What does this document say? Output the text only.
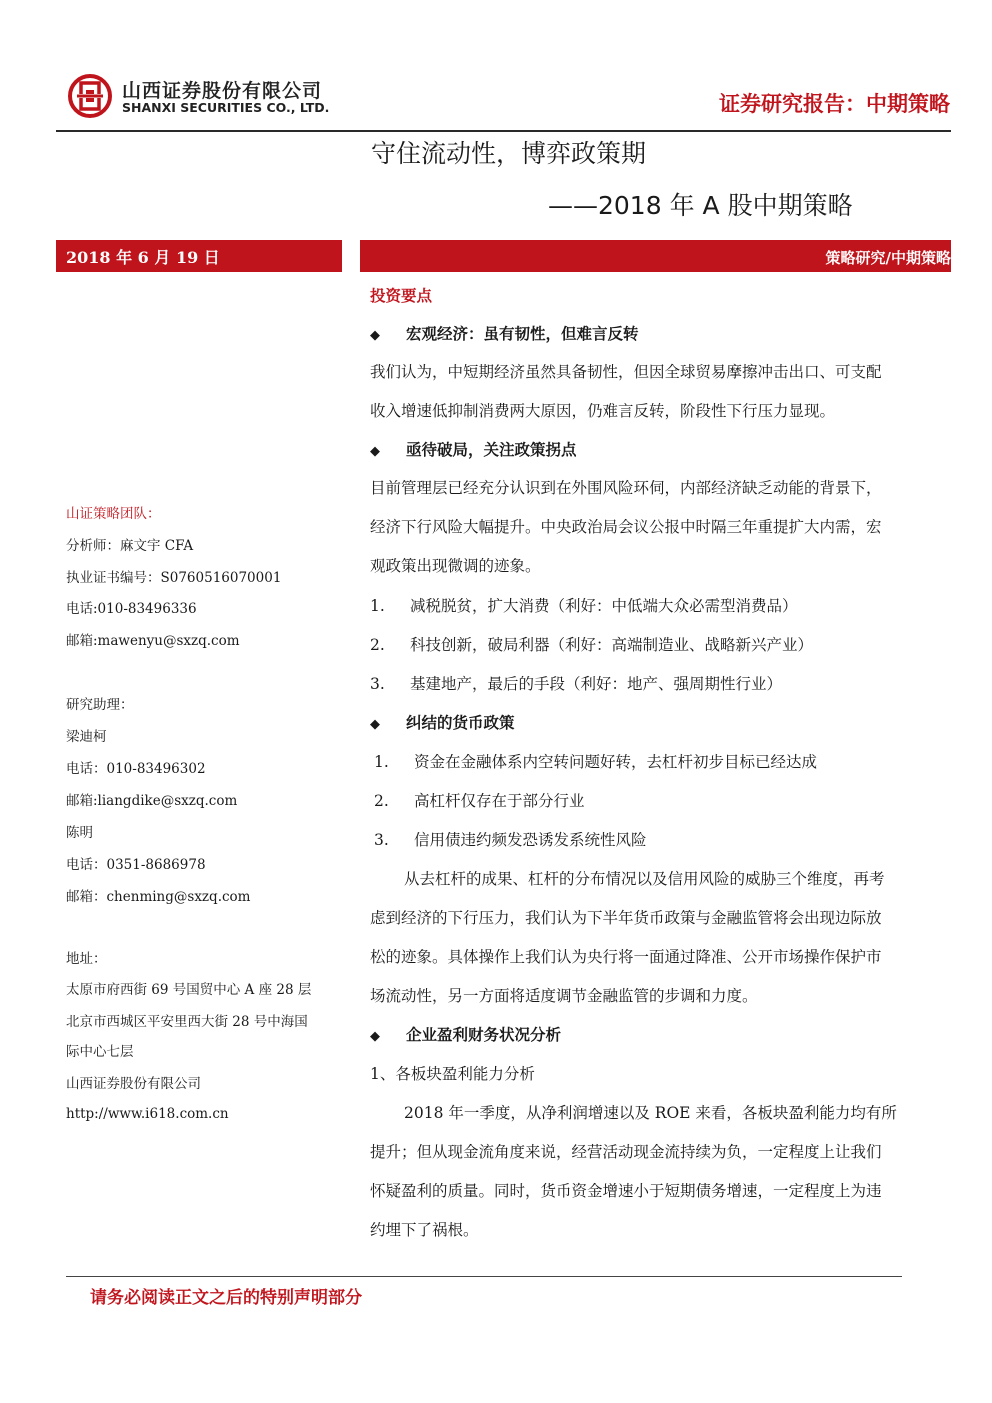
山西证券股份有限公司
SHANXI SECURITIES CO., LTD.	证券研究报告：中期策略
守住流动性，博弈政策期
——2018 年 A 股中期策略
2018 年 6 月 19 日	策略研究/中期策略
山证策略团队：
分析师：麻文宇 CFA
执业证书编号：S0760516070001
电话:010-83496336
邮箱:mawenyu@sxzq.com
研究助理：
梁迪柯
电话：010-83496302
邮箱:liangdike@sxzq.com
陈明
电话：0351-8686978
邮箱：chenming@sxzq.com
地址：
太原市府西街 69 号国贸中心 A 座 28 层
北京市西城区平安里西大街 28 号中海国
际中心七层
山西证券股份有限公司
http://www.i618.com.cn
投资要点
◆ 宏观经济：虽有韧性，但难言反转
我们认为，中短期经济虽然具备韧性，但因全球贸易摩擦冲击出口、可支配
收入增速低抑制消费两大原因，仍难言反转，阶段性下行压力显现。
◆ 亟待破局，关注政策拐点
目前管理层已经充分认识到在外围风险环伺，内部经济缺乏动能的背景下，
经济下行风险大幅提升。中央政治局会议公报中时隔三年重提扩大内需，宏
观政策出现微调的迹象。
1. 减税脱贫，扩大消费（利好：中低端大众必需型消费品）
2. 科技创新，破局利器（利好：高端制造业、战略新兴产业）
3. 基建地产，最后的手段（利好：地产、强周期性行业）
◆ 纠结的货币政策
1. 资金在金融体系内空转问题好转，去杠杆初步目标已经达成
2. 高杠杆仅存在于部分行业
3. 信用债违约频发恐诱发系统性风险
从去杠杆的成果、杠杆的分布情况以及信用风险的威胁三个维度，再考
虑到经济的下行压力，我们认为下半年货币政策与金融监管将会出现边际放
松的迹象。具体操作上我们认为央行将一面通过降准、公开市场操作保护市
场流动性，另一方面将适度调节金融监管的步调和力度。
◆ 企业盈利财务状况分析
1、各板块盈利能力分析
2018 年一季度，从净利润增速以及 ROE 来看，各板块盈利能力均有所
提升；但从现金流角度来说，经营活动现金流持续为负，一定程度上让我们
怀疑盈利的质量。同时，货币资金增速小于短期债务增速，一定程度上为违
约埋下了祸根。
请务必阅读正文之后的特别声明部分
